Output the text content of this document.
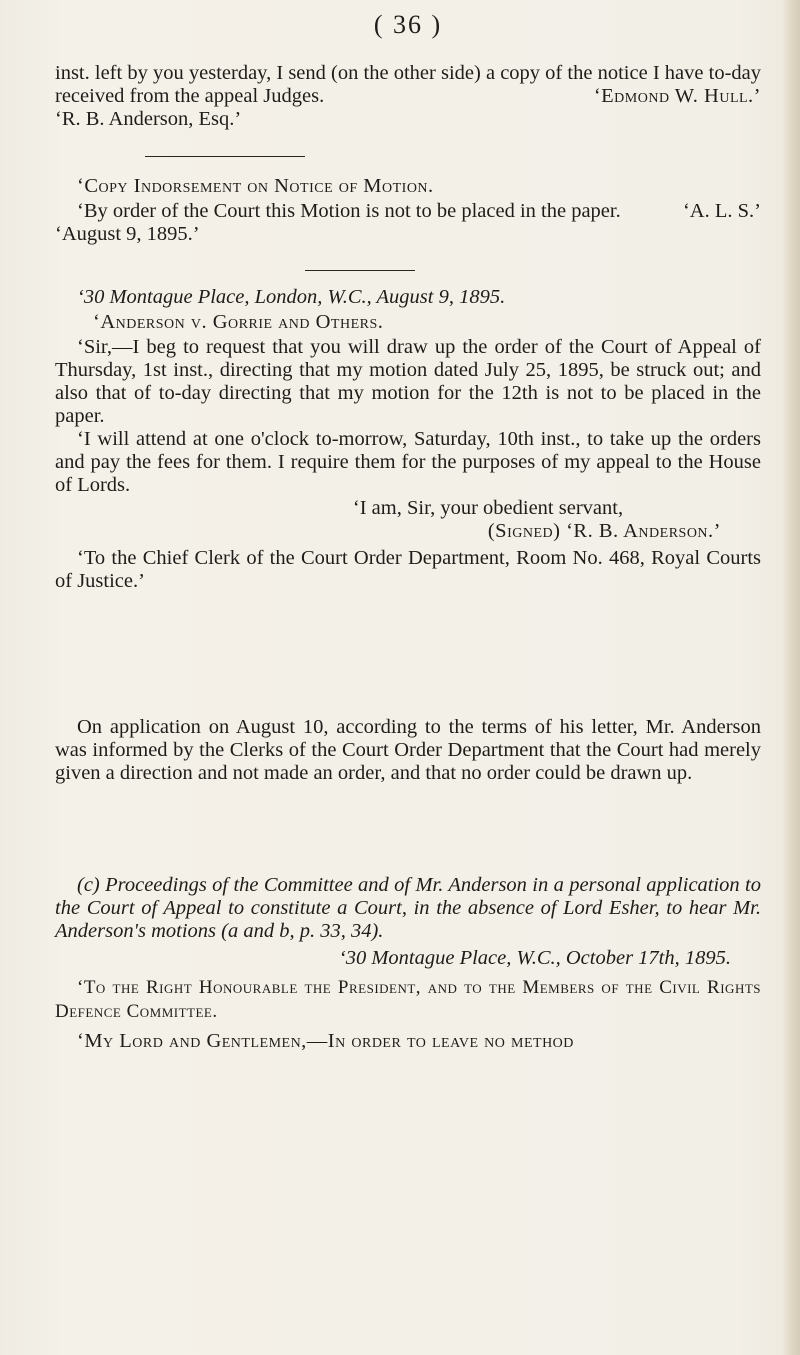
( 36 )

inst. left by you yesterday, I send (on the other side) a copy of the notice I have to-day received from the appeal Judges.	‘Edmond W. Hull.’

‘R. B. Anderson, Esq.’

‘Copy Indorsement on Notice of Motion.

‘By order of the Court this Motion is not to be placed in the paper.	‘A. L. S.’

‘August 9, 1895.’

‘30 Montague Place, London, W.C., August 9, 1895.

‘Anderson v. Gorrie and Others.

‘Sir,—I beg to request that you will draw up the order of the Court of Appeal of Thursday, 1st inst., directing that my motion dated July 25, 1895, be struck out; and also that of to-day directing that my motion for the 12th is not to be placed in the paper.

‘I will attend at one o'clock to-morrow, Saturday, 10th inst., to take up the orders and pay the fees for them. I require them for the purposes of my appeal to the House of Lords.

‘I am, Sir, your obedient servant,

(Signed) ‘R. B. Anderson.’

‘To the Chief Clerk of the Court Order Department, Room No. 468, Royal Courts of Justice.’

On application on August 10, according to the terms of his letter, Mr. Anderson was informed by the Clerks of the Court Order Department that the Court had merely given a direction and not made an order, and that no order could be drawn up.

(c) Proceedings of the Committee and of Mr. Anderson in a personal application to the Court of Appeal to constitute a Court, in the absence of Lord Esher, to hear Mr. Anderson's motions (a and b, p. 33, 34).

‘30 Montague Place, W.C., October 17th, 1895.

‘To the Right Honourable the President, and to the Members of the Civil Rights Defence Committee.

‘My Lord and Gentlemen,—In order to leave no method
